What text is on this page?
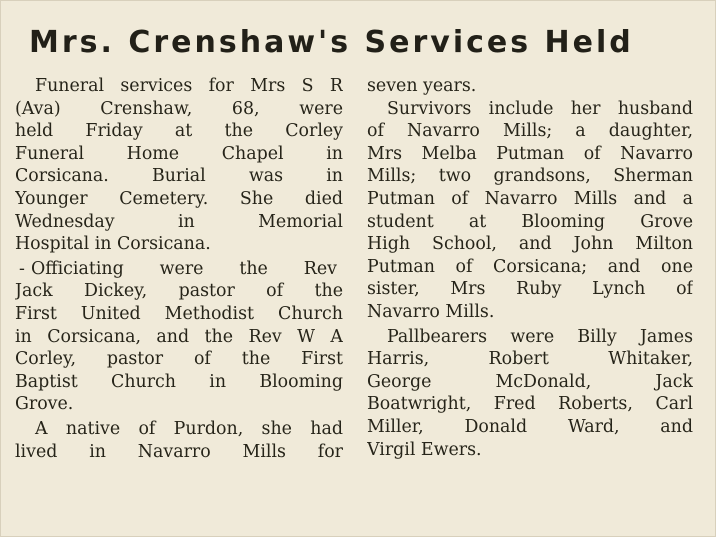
Mrs. Crenshaw's Services Held
Funeral services for Mrs S R
(Ava) Crenshaw, 68, were
held Friday at the Corley
Funeral Home Chapel in
Corsicana. Burial was in
Younger Cemetery. She died
Wednesday in Memorial
Hospital in Corsicana.
- Officiating were the Rev
Jack Dickey, pastor of the
First United Methodist Church
in Corsicana, and the Rev W A
Corley, pastor of the First
Baptist Church in Blooming
Grove.
A native of Purdon, she had
lived in Navarro Mills for
seven years.
Survivors include her husband
of Navarro Mills; a daughter,
Mrs Melba Putman of Navarro
Mills; two grandsons, Sherman
Putman of Navarro Mills and a
student at Blooming Grove
High School, and John Milton
Putman of Corsicana; and one
sister, Mrs Ruby Lynch of
Navarro Mills.
Pallbearers were Billy James
Harris, Robert Whitaker,
George McDonald, Jack
Boatwright, Fred Roberts, Carl
Miller, Donald Ward, and
Virgil Ewers.
